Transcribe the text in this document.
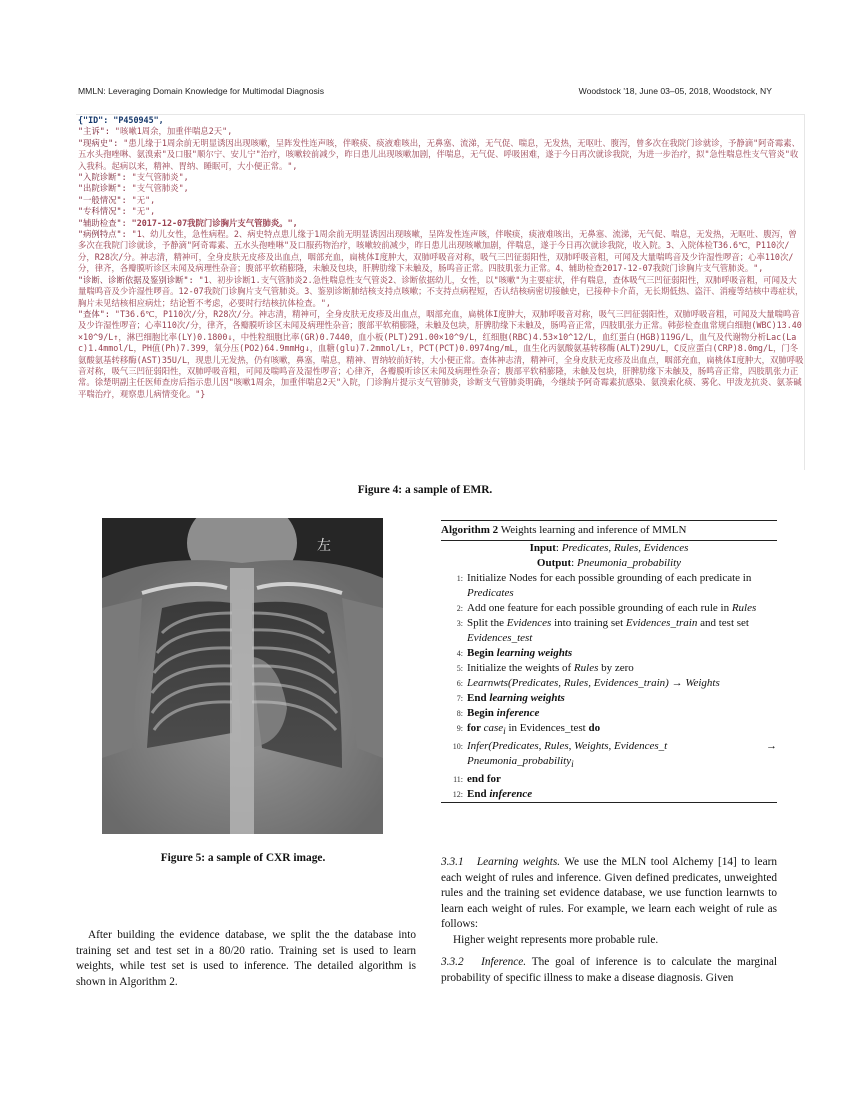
MMLN: Leveraging Domain Knowledge for Multimodal Diagnosis	Woodstock '18, June 03–05, 2018, Woodstock, NY
{"ID": "P450945",
"主诉": "咳嗽1周余，加重伴喘息2天",
"现病史": "患儿缘于1周余前无明显诱因出现咳嗽，呈阵发性连声咳，伴喉痰、痰液难咳出，无鼻塞、流涕，无气促、喘息，无发热，无呕吐、腹泻，曾多次在我院门诊就诊，予静滴"阿奇霉素、五水头孢唑啉、氨溴索"及口服"顺尔宁、安儿宁"治疗，咳嗽较前减少，昨日患儿出现咳嗽加剧，伴喘息，无气促、呼吸困难，遂于今日再次就诊我院，为进一步治疗，拟"急性喘息性支气管炎"收入我科。起病以来，精神、胃纳、睡眠可，大小便正常。",
"入院诊断": "支气管肺炎",
"出院诊断": "支气管肺炎",
"一般情况": "无",
"专科情况": "无",
"辅助检查": "2017-12-07我院门诊胸片支气管肺炎。",
"病例特点": "1、幼儿女性，急性病程。2、病史特点患儿缘于1周余前无明显诱因出现咳嗽，呈阵发性连声咳，伴喉痰，痰液难咳出，无鼻塞、流涕，无气促、喘息，无发热，无呕吐、腹泻，曾多次在我院门诊就诊，予静滴"阿奇霉素、五水头孢唑啉"及口服药物治疗，咳嗽较前减少，昨日患儿出现咳嗽加剧，伴喘息，遂于今日再次就诊我院，收入院。3、入院体检T36.6℃，P110次/分，R28次/分。神志清，精神可，全身皮肤无皮疹及出血点，咽部充血，扁桃体I度肿大，双肺呼吸音对称，吸气三凹征弱阳性，双肺呼吸音粗，可闻及大量喘鸣音及少许湿性啰音；心率110次/分，律齐，各瓣膜听诊区未闻及病理性杂音；腹部平软稍膨隆，未触及包块，肝脾肋缘下未触及，肠鸣音正常。四肢肌张力正常。4、辅助检查2017-12-07我院门诊胸片支气管肺炎。",
"诊断、诊断依据及鉴别诊断": "1、初步诊断1.支气管肺炎2.急性喘息性支气管炎2、诊断依据幼儿，女性，以"咳嗽"为主要症状，伴有喘息，查体吸气三凹征弱阳性，双肺呼吸音粗，可闻及大量喘鸣音及少许湿性啰音。12-07我院门诊胸片支气管肺炎。3、鉴别诊断肺结核支持点咳嗽；不支持点病程短，否认结核病密切接触史，已接种卡介苗，无长期低热、盗汗、消瘦等结核中毒症状，胸片未见结核相应病灶；结论暂不考虑，必要时行结核抗体检查。",
"查体": "T36.6℃，P110次/分，R28次/分。神志清，精神可，全身皮肤无皮疹及出血点，咽部充血，扁桃体I度肿大，双肺呼吸音对称，吸气三凹征弱阳性，双肺呼吸音粗，可闻及大量喘鸣音及少许湿性啰音；心率110次/分，律齐，各瓣膜听诊区未闻及病理性杂音；腹部平软稍膨隆，未触及包块，肝脾肋缘下未触及，肠鸣音正常，四肢肌张力正常。韩彭检查血常规白细胞(WBC)13.40×10^9/L↑，淋巴细胞比率(LY)0.1800↓，中性粒细胞比率(GR)0.7440，血小板(PLT)291.00×10^9/L，红细胞(RBC)4.53×10^12/L，血红蛋白(HGB)119G/L，血气及代谢物分析Lac(Lac)1.4mmol/L，PH值(Ph)7.399，氧分压(PO2)64.9mmHg↓，血糖(glu)7.2mmol/L↑，PCT(PCT)0.0974ng/mL，血生化丙氨酸氨基转移酶(ALT)29U/L，C反应蛋白(CRP)8.0mg/L，门冬氨酸氨基转移酶(AST)35U/L，现患儿无发热，仍有咳嗽，鼻塞，喘息，精神、胃纳较前好转，大小便正常。查体神志清，精神可，全身皮肤无皮疹及出血点，咽部充血，扁桃体I度肿大，双肺呼吸音对称，吸气三凹征弱阳性，双肺呼吸音粗，可闻及喘鸣音及湿性啰音；心律齐，各瓣膜听诊区未闻及病理性杂音；腹部平软稍膨隆，未触及包块，肝脾肋缘下未触及，肠鸣音正常，四肢肌张力正常。徐楚明副主任医师查房后指示患儿因"咳嗽1周余，加重伴喘息2天"入院，门诊胸片提示支气管肺炎，诊断支气管肺炎明确，今继续予阿奇霉素抗感染、氨溴索化痰、雾化、甲泼龙抗炎、氨茶碱平喘治疗，观察患儿病情变化。"}
Figure 4: a sample of EMR.
左
Figure 5: a sample of CXR image.
After building the evidence database, we split the the database into training set and test set in a 80/20 ratio. Training set is used to learn weights, while test set is used to inference. The detailed algorithm is shown in Algorithm 2.
Algorithm 2 Weights learning and inference of MMLN
Input: Predicates, Rules, Evidences
Output: Pneumonia_probability
1: Initialize Nodes for each possible grounding of each predicate in Predicates
2: Add one feature for each possible grounding of each rule in Rules
3: Split the Evidences into training set Evidences_train and test set Evidences_test
4: Begin learning weights
5: Initialize the weights of Rules by zero
6: Learnwts(Predicates, Rules, Evidences_train) → Weights
7: End learning weights
8: Begin inference
9: for case$_i$ in Evidences_test do
10: Infer(Predicates, Rules, Weights, Evidences_t	→

Pneumonia_probability$_i$
11: end for
12: End inference
3.3.1 Learning weights. We use the MLN tool Alchemy [14] to learn each weight of rules and inference. Given defined predicates, unweighted rules and the training set evidence database, we use function learnwts to learn each weight of rules. For example, we learn each weight of rule as follows:
Higher weight represents more probable rule.
3.3.2 Inference. The goal of inference is to calculate the marginal probability of specific illness to make a disease diagnosis. Given
